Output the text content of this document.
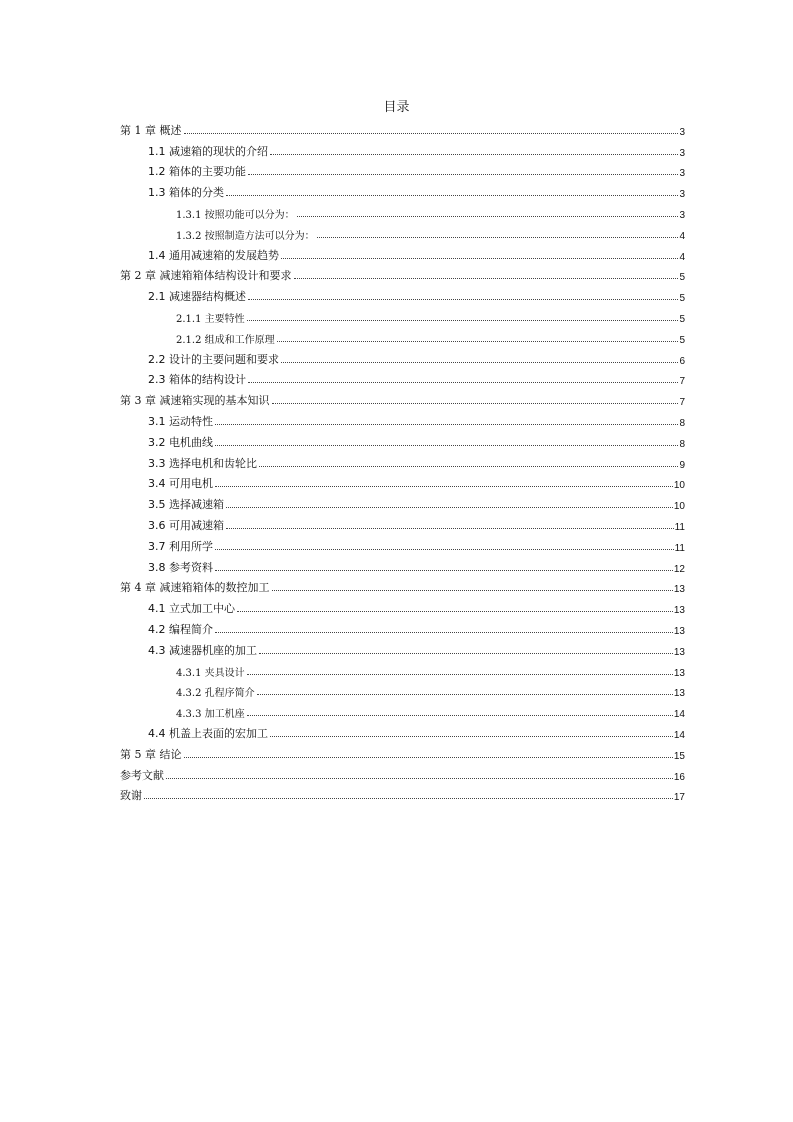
目录
第 1 章 概述	3
1.1 减速箱的现状的介绍	3
1.2 箱体的主要功能	3
1.3 箱体的分类	3
1.3.1 按照功能可以分为：	3
1.3.2 按照制造方法可以分为：	4
1.4 通用减速箱的发展趋势	4
第 2 章 减速箱箱体结构设计和要求	5
2.1 减速器结构概述	5
2.1.1 主要特性	5
2.1.2 组成和工作原理	5
2.2 设计的主要问题和要求	6
2.3 箱体的结构设计	7
第 3 章 减速箱实现的基本知识	7
3.1 运动特性	8
3.2 电机曲线	8
3.3 选择电机和齿轮比	9
3.4 可用电机	10
3.5 选择减速箱	10
3.6 可用减速箱	11
3.7 利用所学	11
3.8 参考资料	12
第 4 章 减速箱箱体的数控加工	13
4.1 立式加工中心	13
4.2 编程简介	13
4.3 减速器机座的加工	13
4.3.1 夹具设计	13
4.3.2 孔程序简介	13
4.3.3 加工机座	14
4.4 机盖上表面的宏加工	14
第 5 章 结论	15
参考文献	16
致谢	17
